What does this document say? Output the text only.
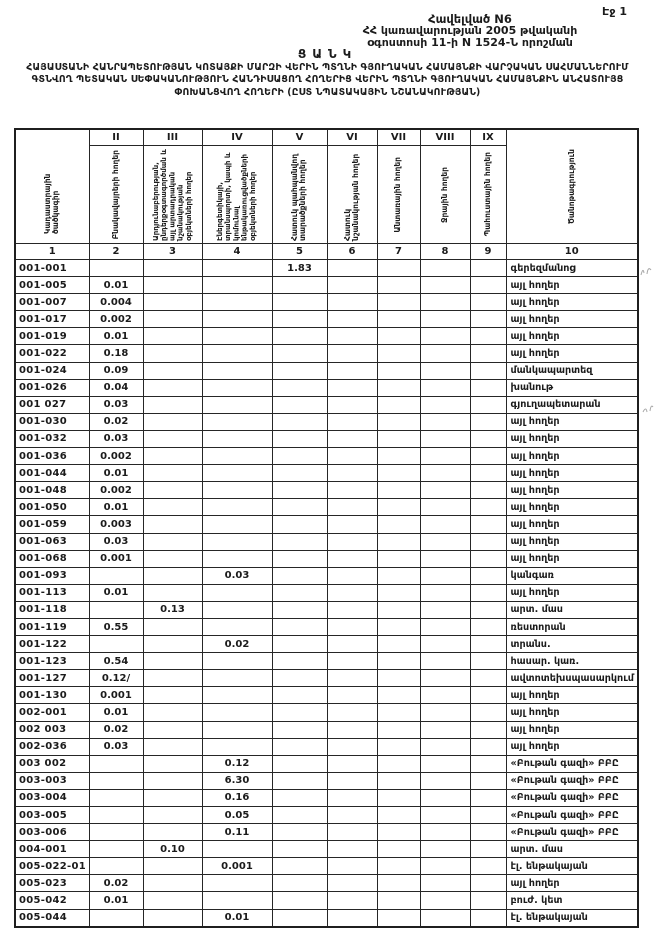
Էջ 1
Հավելված N6
ՀՀ կառավարության 2005 թվականի
օգոստոսի 11-ի N 1524-Ն որոշման
ՑԱՆԿ
ՀԱՅԱՍՏԱՆԻ ՀԱՆՐԱՊԵՏՈՒԹՅԱՆ ԿՈՏԱՅՔԻ ՄԱՐԶԻ ՎԵՐԻՆ ՊՏՂՆԻ ԳՅՈՒՂԱԿԱՆ ՀԱՄԱՅՆՔԻ ՎԱՐՉԱԿԱՆ ՍԱՀՄԱՆՆԵՐՈՒՄ ԳՏՆՎՈՂ ՊԵՏԱԿԱՆ ՍԵՓԱԿԱՆՈՒԹՅՈՒՆ ՀԱՆԴԻՍԱՑՈՂ ՀՈՂԵՐԻՑ ՎԵՐԻՆ ՊՏՂՆԻ ԳՅՈՒՂԱԿԱՆ ՀԱՄԱՅՆՔԻՆ ԱՆՀԱՏՈՒՅՑ ՓՈԽԱՆՑՎՈՂ ՀՈՂԵՐԻ (ԸՍՏ ՆՊԱՏԱԿԱՅԻՆ ՆՇԱՆԱԿՈՒԹՅԱՆ)
Կադաստրային ծածկագիր	II	III	IV	V	VI	VII	VIII	IX	Ծանոթագրություն

	Բնակավայրերի հողեր	Արդյունաբերության, ընդերքօգտագործման և այլ արտադրական նշանակության օբյեկտների հողեր	Էներգետիկայի, տրանսպորտի, կապի և կոմունալ ենթակառուցվածքների օբյեկտների հողեր	Հատուկ պահպանվող տարածքների հողեր	Հատուկ նշանակության հողեր	Անտառային հողեր	Ջրային հողեր	Պահուստային հողեր	

1	2	3	4	5	6	7	8	9	10
001-001				1.83					գերեզմանոց
001-005	0.01								այլ հողեր
001-007	0.004								այլ հողեր
001-017	0.002								այլ հողեր
001-019	0.01								այլ հողեր
001-022	0.18								այլ հողեր
001-024	0.09								մանկապարտեզ
001-026	0.04								խանութ
001 027	0.03								գյուղապետարան
001-030	0.02								այլ հողեր
001-032	0.03								այլ հողեր
001-036	0.002								այլ հողեր
001-044	0.01								այլ հողեր
001-048	0.002								այլ հողեր
001-050	0.01								այլ հողեր
001-059	0.003								այլ հողեր
001-063	0.03								այլ հողեր
001-068	0.001								այլ հողեր
001-093			0.03						կանգառ
001-113	0.01								այլ հողեր
001-118		0.13							արտ. մաս
001-119	0.55								ռեստորան
001-122			0.02						տրանս.
001-123	0.54								հասար. կառ.
001-127	0.12/								ավտոտեխսպասարկում
001-130	0.001								այլ հողեր
002-001	0.01								այլ հողեր
002 003	0.02								այլ հողեր
002-036	0.03								այլ հողեր
003 002			0.12						«Բութան գազի» ԲԲԸ
003-003			6.30						«Բութան գազի» ԲԲԸ
003-004			0.16						«Բութան գազի» ԲԲԸ
003-005			0.05						«Բութան գազի» ԲԲԸ
003-006			0.11						«Բութան գազի» ԲԲԸ
004-001		0.10							արտ. մաս
005-022-01			0.001						էլ. ենթակայան
005-023	0.02								այլ հողեր
005-042	0.01								բուժ. կետ
005-044			0.01						էլ. ենթակայան
